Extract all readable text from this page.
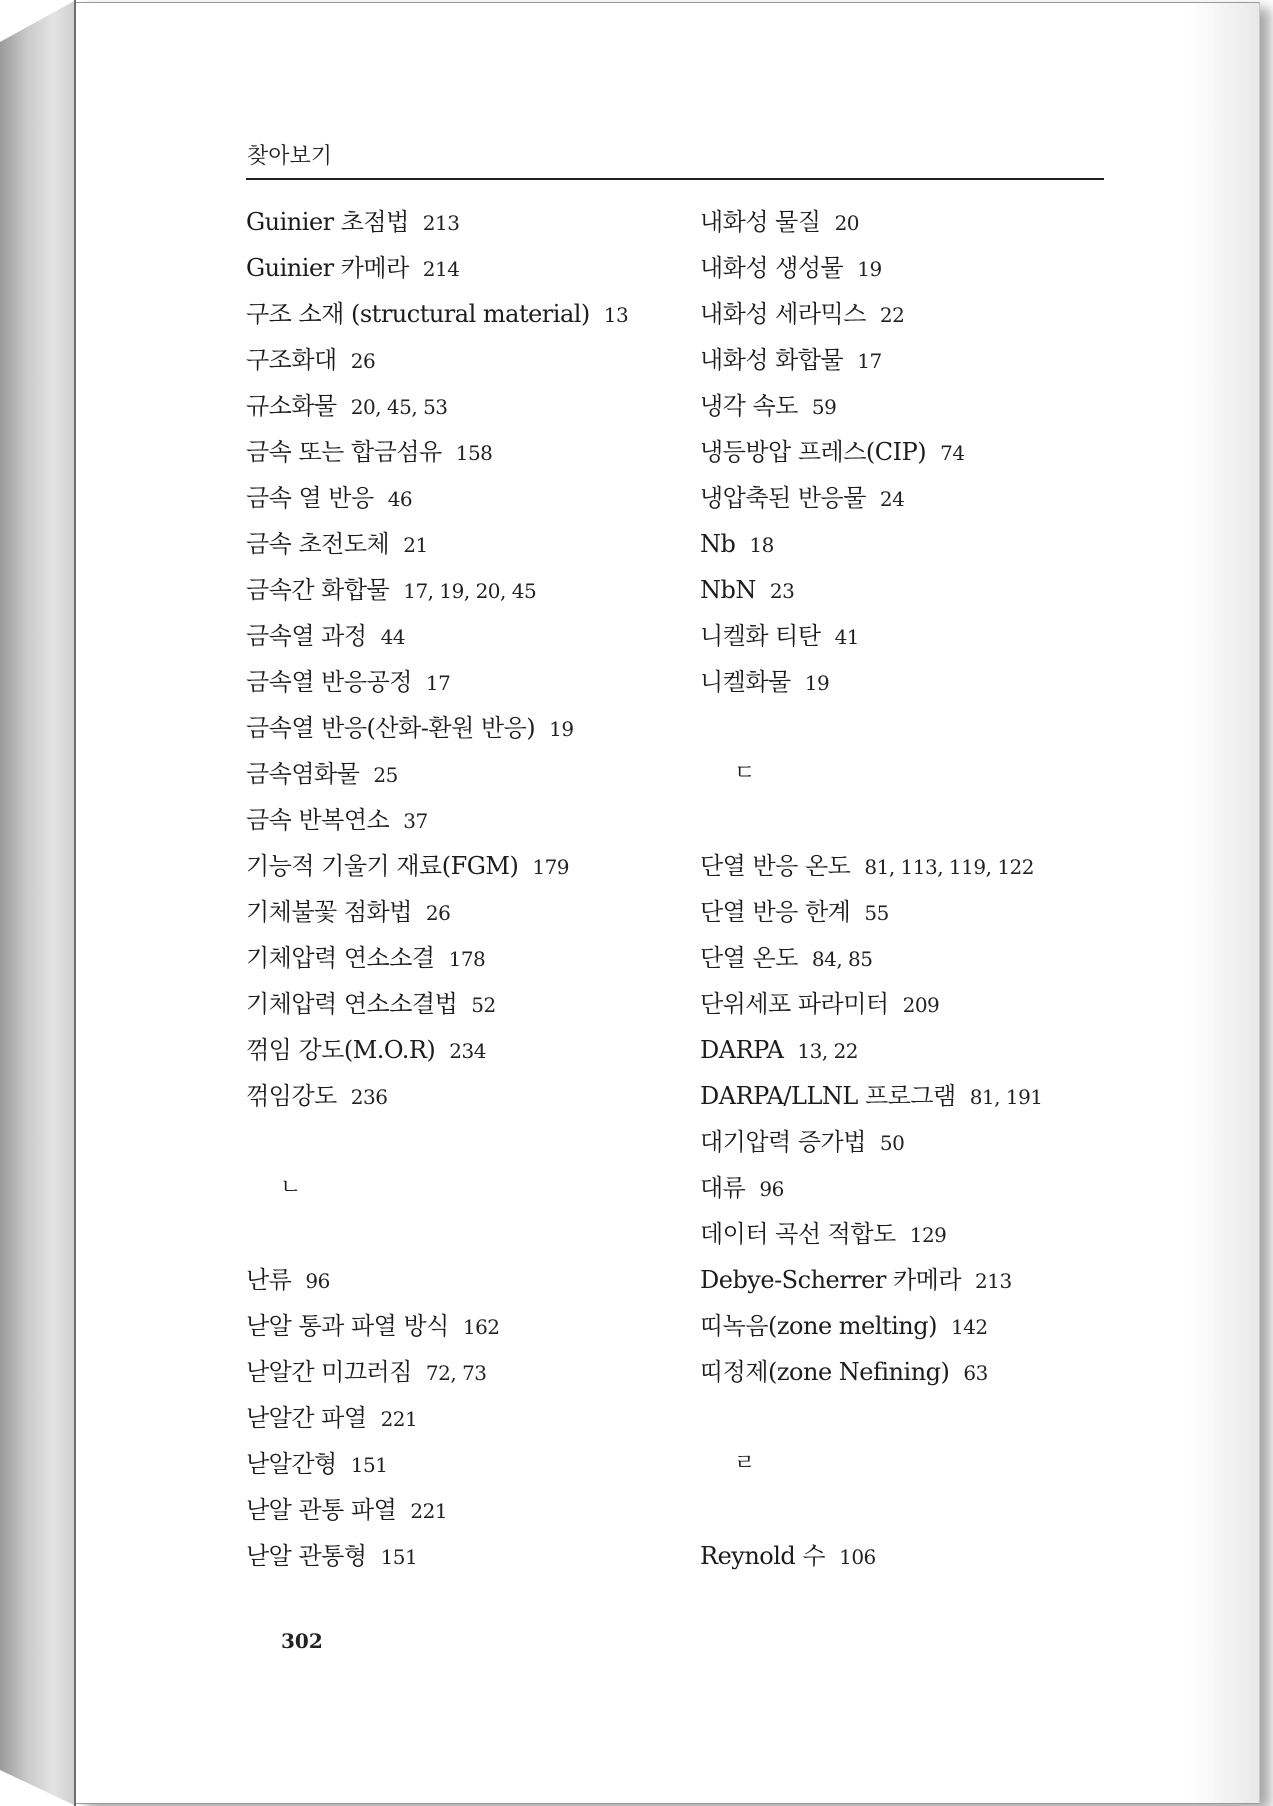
찾아보기
Guinier 초점법 213
Guinier 카메라 214
구조 소재 (structural material) 13
구조화대 26
규소화물 20, 45, 53
금속 또는 합금섬유 158
금속 열 반응 46
금속 초전도체 21
금속간 화합물 17, 19, 20, 45
금속열 과정 44
금속열 반응공정 17
금속열 반응(산화-환원 반응) 19
금속염화물 25
금속 반복연소 37
기능적 기울기 재료(FGM) 179
기체불꽃 점화법 26
기체압력 연소소결 178
기체압력 연소소결법 52
꺾임 강도(M.O.R) 234
꺾임강도 236
ㄴ
난류 96
낟알 통과 파열 방식 162
낟알간 미끄러짐 72, 73
낟알간 파열 221
낟알간형 151
낟알 관통 파열 221
낟알 관통형 151
내화성 물질 20
내화성 생성물 19
내화성 세라믹스 22
내화성 화합물 17
냉각 속도 59
냉등방압 프레스(CIP) 74
냉압축된 반응물 24
Nb 18
NbN 23
니켈화 티탄 41
니켈화물 19
ㄷ
단열 반응 온도 81, 113, 119, 122
단열 반응 한계 55
단열 온도 84, 85
단위세포 파라미터 209
DARPA 13, 22
DARPA/LLNL 프로그램 81, 191
대기압력 증가법 50
대류 96
데이터 곡선 적합도 129
Debye-Scherrer 카메라 213
띠녹음(zone melting) 142
띠정제(zone Nefining) 63
ㄹ
Reynold 수 106
302
